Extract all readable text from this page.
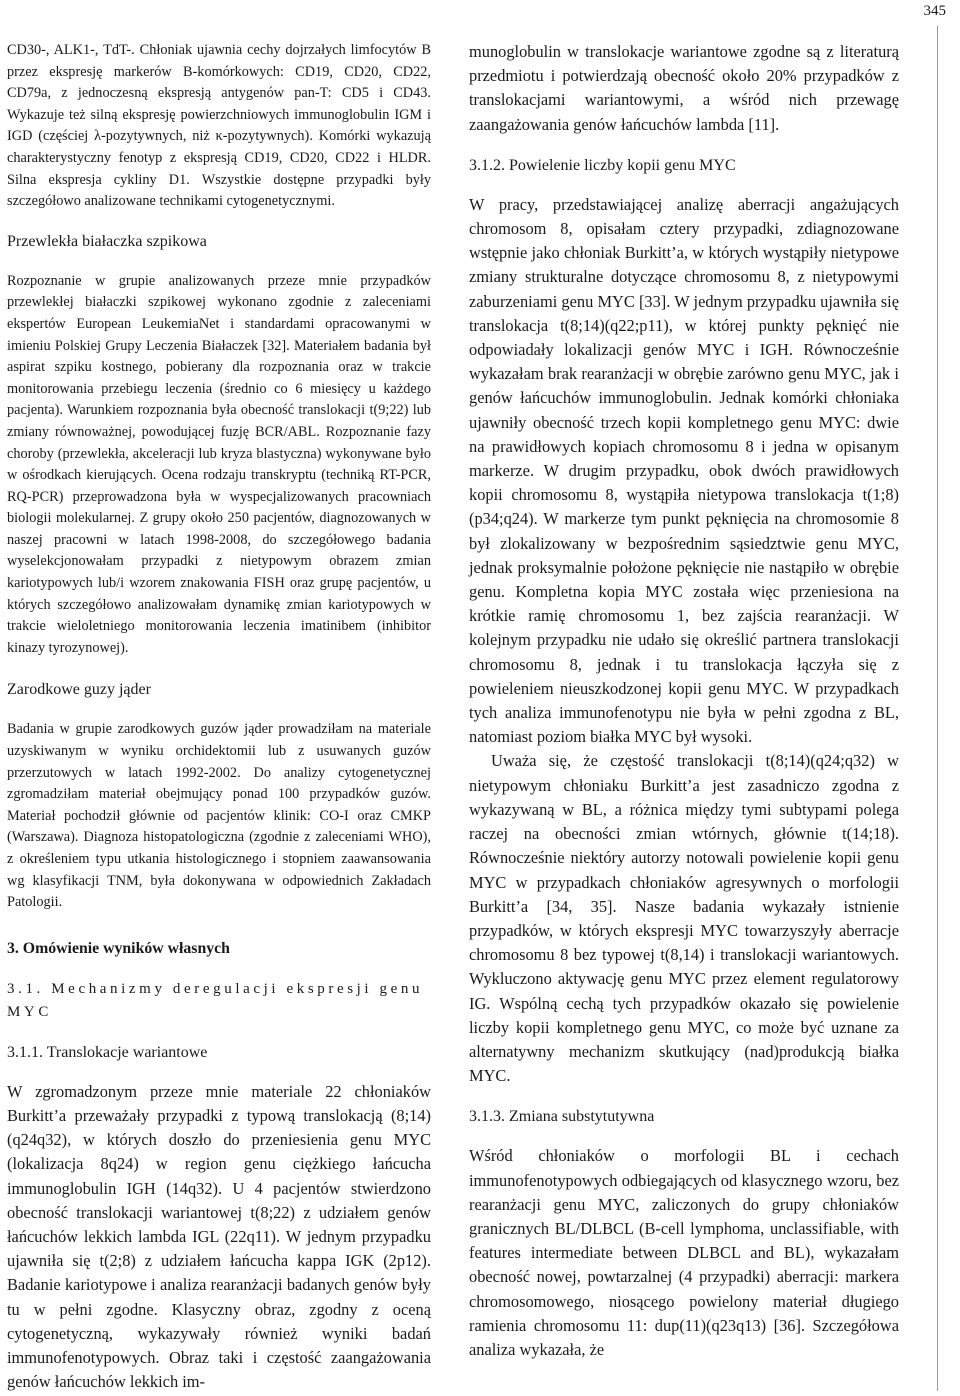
345

CD30-, ALK1-, TdT-. Chłoniak ujawnia cechy dojrzałych limfocytów B przez ekspresję markerów B-komórkowych: CD19, CD20, CD22, CD79a, z jednoczesną ekspresją antygenów pan-T: CD5 i CD43. Wykazuje też silną ekspresję powierzchniowych immunoglobulin IGM i IGD (częściej λ-pozytywnych, niż κ-pozytywnych). Komórki wykazują charakterystyczny fenotyp z ekspresją CD19, CD20, CD22 i HLDR. Silna ekspresja cykliny D1. Wszystkie dostępne przypadki były szczegółowo analizowane technikami cytogenetycznymi.

Przewlekła białaczka szpikowa

Rozpoznanie w grupie analizowanych przeze mnie przypadków przewlekłej białaczki szpikowej wykonano zgodnie z zaleceniami ekspertów European LeukemiaNet i standardami opracowanymi w imieniu Polskiej Grupy Leczenia Białaczek [32]. Materiałem badania był aspirat szpiku kostnego, pobierany dla rozpoznania oraz w trakcie monitorowania przebiegu leczenia (średnio co 6 miesięcy u każdego pacjenta). Warunkiem rozpoznania była obecność translokacji t(9;22) lub zmiany równoważnej, powodującej fuzję BCR/ABL. Rozpoznanie fazy choroby (przewlekła, akceleracji lub kryza blastyczna) wykonywane było w ośrodkach kierujących. Ocena rodzaju transkryptu (techniką RT-PCR, RQ-PCR) przeprowadzona była w wyspecjalizowanych pracowniach biologii molekularnej. Z grupy około 250 pacjentów, diagnozowanych w naszej pracowni w latach 1998-2008, do szczegółowego badania wyselekcjonowałam przypadki z nietypowym obrazem zmian kariotypowych lub/i wzorem znakowania FISH oraz grupę pacjentów, u których szczegółowo analizowałam dynamikę zmian kariotypowych w trakcie wieloletniego monitorowania leczenia imatinibem (inhibitor kinazy tyrozynowej).

Zarodkowe guzy jąder

Badania w grupie zarodkowych guzów jąder prowadziłam na materiale uzyskiwanym w wyniku orchidektomii lub z usuwanych guzów przerzutowych w latach 1992-2002. Do analizy cytogenetycznej zgromadziłam materiał obejmujący ponad 100 przypadków guzów. Materiał pochodził głównie od pacjentów klinik: CO-I oraz CMKP (Warszawa). Diagnoza histopatologiczna (zgodnie z zaleceniami WHO), z określeniem typu utkania histologicznego i stopniem zaawansowania wg klasyfikacji TNM, była dokonywana w odpowiednich Zakładach Patologii.

3. Omówienie wyników własnych

3.1. Mechanizmy deregulacji ekspresji genu MYC

3.1.1. Translokacje wariantowe

W zgromadzonym przeze mnie materiale 22 chłoniaków Burkitt’a przeważały przypadki z typową translokacją (8;14)(q24q32), w których doszło do przeniesienia genu MYC (lokalizacja 8q24) w region genu ciężkiego łańcucha immunoglobulin IGH (14q32). U 4 pacjentów stwierdzono obecność translokacji wariantowej t(8;22) z udziałem genów łańcuchów lekkich lambda IGL (22q11). W jednym przypadku ujawniła się t(2;8) z udziałem łańcucha kappa IGK (2p12). Badanie kariotypowe i analiza rearanżacji badanych genów były tu w pełni zgodne. Klasyczny obraz, zgodny z oceną cytogenetyczną, wykazywały również wyniki badań immunofenotypowych. Obraz taki i częstość zaangażowania genów łańcuchów lekkich im-

munoglobulin w translokacje wariantowe zgodne są z literaturą przedmiotu i potwierdzają obecność około 20% przypadków z translokacjami wariantowymi, a wśród nich przewagę zaangażowania genów łańcuchów lambda [11].

3.1.2. Powielenie liczby kopii genu MYC

W pracy, przedstawiającej analizę aberracji angażujących chromosom 8, opisałam cztery przypadki, zdiagnozowane wstępnie jako chłoniak Burkitt’a, w których wystąpiły nietypowe zmiany strukturalne dotyczące chromosomu 8, z nietypowymi zaburzeniami genu MYC [33]. W jednym przypadku ujawniła się translokacja t(8;14)(q22;p11), w której punkty pęknięć nie odpowiadały lokalizacji genów MYC i IGH. Równocześnie wykazałam brak rearanżacji w obrębie zarówno genu MYC, jak i genów łańcuchów immunoglobulin. Jednak komórki chłoniaka ujawniły obecność trzech kopii kompletnego genu MYC: dwie na prawidłowych kopiach chromosomu 8 i jedna w opisanym markerze. W drugim przypadku, obok dwóch prawidłowych kopii chromosomu 8, wystąpiła nietypowa translokacja t(1;8)(p34;q24). W markerze tym punkt pęknięcia na chromosomie 8 był zlokalizowany w bezpośrednim sąsiedztwie genu MYC, jednak proksymalnie położone pęknięcie nie nastąpiło w obrębie genu. Kompletna kopia MYC została więc przeniesiona na krótkie ramię chromosomu 1, bez zajścia rearanżacji. W kolejnym przypadku nie udało się określić partnera translokacji chromosomu 8, jednak i tu translokacja łączyła się z powieleniem nieuszkodzonej kopii genu MYC. W przypadkach tych analiza immunofenotypu nie była w pełni zgodna z BL, natomiast poziom białka MYC był wysoki.

Uważa się, że częstość translokacji t(8;14)(q24;q32) w nietypowym chłoniaku Burkitt’a jest zasadniczo zgodna z wykazywaną w BL, a różnica między tymi subtypami polega raczej na obecności zmian wtórnych, głównie t(14;18). Równocześnie niektóry autorzy notowali powielenie kopii genu MYC w przypadkach chłoniaków agresywnych o morfologii Burkitt’a [34, 35]. Nasze badania wykazały istnienie przypadków, w których ekspresji MYC towarzyszyły aberracje chromosomu 8 bez typowej t(8,14) i translokacji wariantowych. Wykluczono aktywację genu MYC przez element regulatorowy IG. Wspólną cechą tych przypadków okazało się powielenie liczby kopii kompletnego genu MYC, co może być uznane za alternatywny mechanizm skutkujący (nad)produkcją białka MYC.

3.1.3. Zmiana substytutywna

Wśród chłoniaków o morfologii BL i cechach immunofenotypowych odbiegających od klasycznego wzoru, bez rearanżacji genu MYC, zaliczonych do grupy chłoniaków granicznych BL/DLBCL (B-cell lymphoma, unclassifiable, with features intermediate between DLBCL and BL), wykazałam obecność nowej, powtarzalnej (4 przypadki) aberracji: markera chromosomowego, niosącego powielony materiał długiego ramienia chromosomu 11: dup(11)(q23q13) [36]. Szczegółowa analiza wykazała, że
